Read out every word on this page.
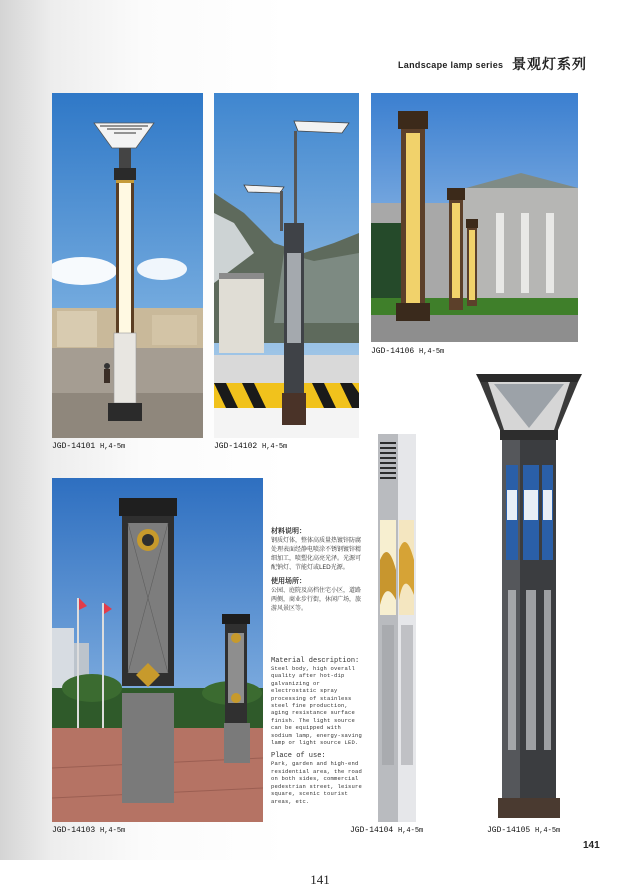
Landscape lamp series 景观灯系列
JGD-14101 H,4-5m	JGD-14102 H,4-5m
JGD-14106 H,4-5m
JGD-14103 H,4-5m
材料说明：
钢质灯体，整体高质量热镀锌防腐处理表面经静电喷涂不锈钢镀锌精细加工，喷塑化高亮光泽。光源可配钠灯、节能灯或LED光源。
使用场所：
公园、庭院及高档住宅小区，道路两侧，商业步行街，休闲广场，旅游风景区等。
Material description:
Steel body, high overall quality after hot-dip galvanizing or electrostatic spray processing of stainless steel fine production, aging resistance surface finish. The light source can be equipped with sodium lamp, energy-saving lamp or light source LED.
Place of use:
Park, garden and high-end residential area, the road on both sides, commercial pedestrian street, leisure square, scenic tourist areas, etc.
JGD-14104 H,4-5m	JGD-14105 H,4-5m
141
141
